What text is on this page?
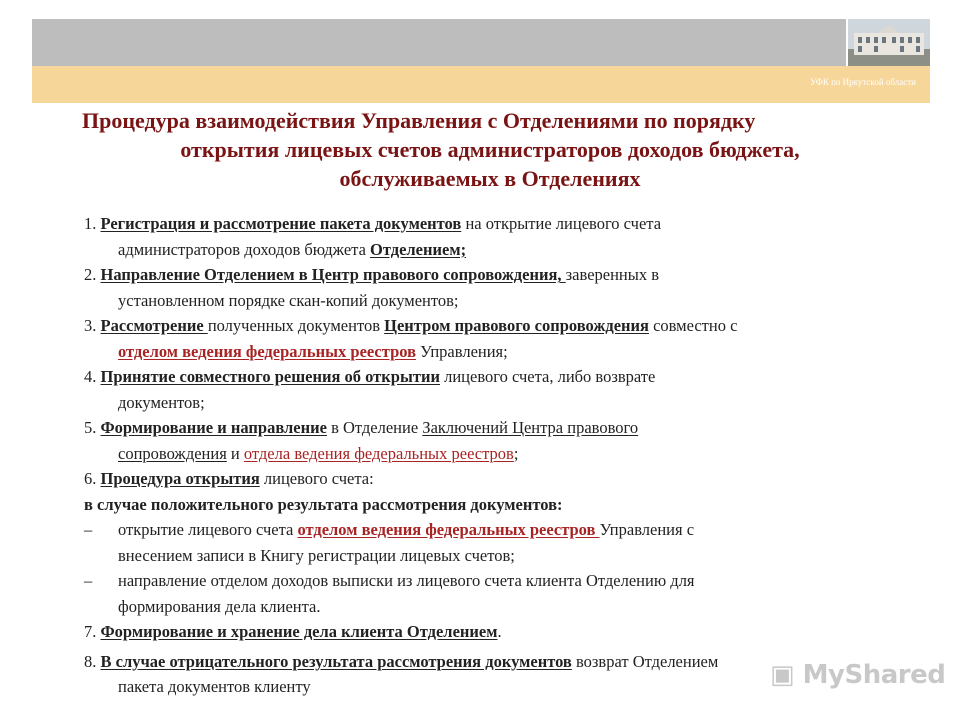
УФК по Иркутской области
Процедура взаимодействия Управления с Отделениями по порядку
открытия лицевых счетов администраторов доходов бюджета,
обслуживаемых в Отделениях
1. Регистрация и рассмотрение пакета документов на открытие лицевого счета
администраторов доходов бюджета Отделением;
2. Направление Отделением в Центр правового сопровождения, заверенных в
установленном порядке скан-копий документов;
3. Рассмотрение полученных документов Центром правового сопровождения совместно с
отделом ведения федеральных реестров Управления;
4. Принятие совместного решения об открытии лицевого счета, либо возврате
документов;
5. Формирование и направление в Отделение Заключений Центра правового
сопровождения и отдела ведения федеральных реестров;
6. Процедура открытия лицевого счета:
в случае положительного результата рассмотрения документов:
–	открытие лицевого счета отделом ведения федеральных реестров Управления с
внесением записи в Книгу регистрации лицевых счетов;
–	направление отделом доходов выписки из лицевого счета клиента Отделению для
формирования дела клиента.
7. Формирование и хранение дела клиента Отделением.
8. В случае отрицательного результата рассмотрения документов возврат Отделением
пакета документов клиенту	▣ MyShared
